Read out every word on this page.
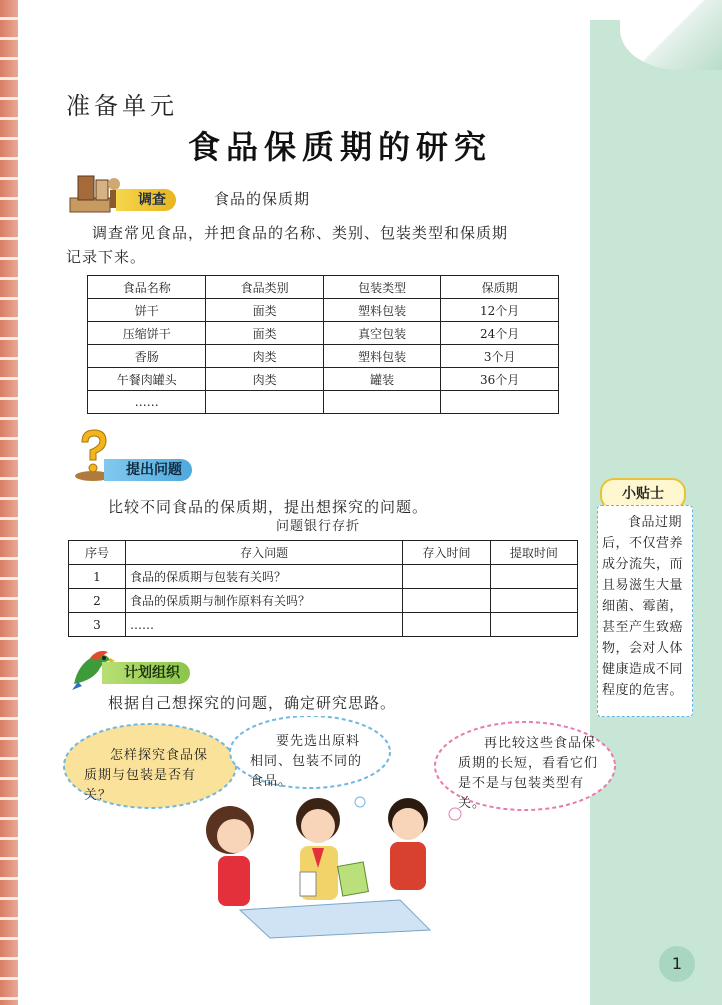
准备单元
食品保质期的研究
调查	食品的保质期
调查常见食品，并把食品的名称、类别、包装类型和保质期
记录下来。
食品名称	食品类别	包装类型	保质期
饼干	面类	塑料包装	12个月
压缩饼干	面类	真空包装	24个月
香肠	肉类	塑料包装	3个月
午餐肉罐头	肉类	罐装	36个月
……			
提出问题
比较不同食品的保质期，提出想探究的问题。
问题银行存折
序号	存入问题	存入时间	提取时间
1	食品的保质期与包装有关吗？		
2	食品的保质期与制作原料有关吗？		
3	……		
计划组织
根据自己想探究的问题，确定研究思路。
怎样探究食品保质期与包装是否有关？
要先选出原料相同、包装不同的食品。
再比较这些食品保质期的长短，看看它们是不是与包装类型有关。
小贴士
食品过期后，不仅营养成分流失，而且易滋生大量细菌、霉菌，甚至产生致癌物，会对人体健康造成不同程度的危害。
1
